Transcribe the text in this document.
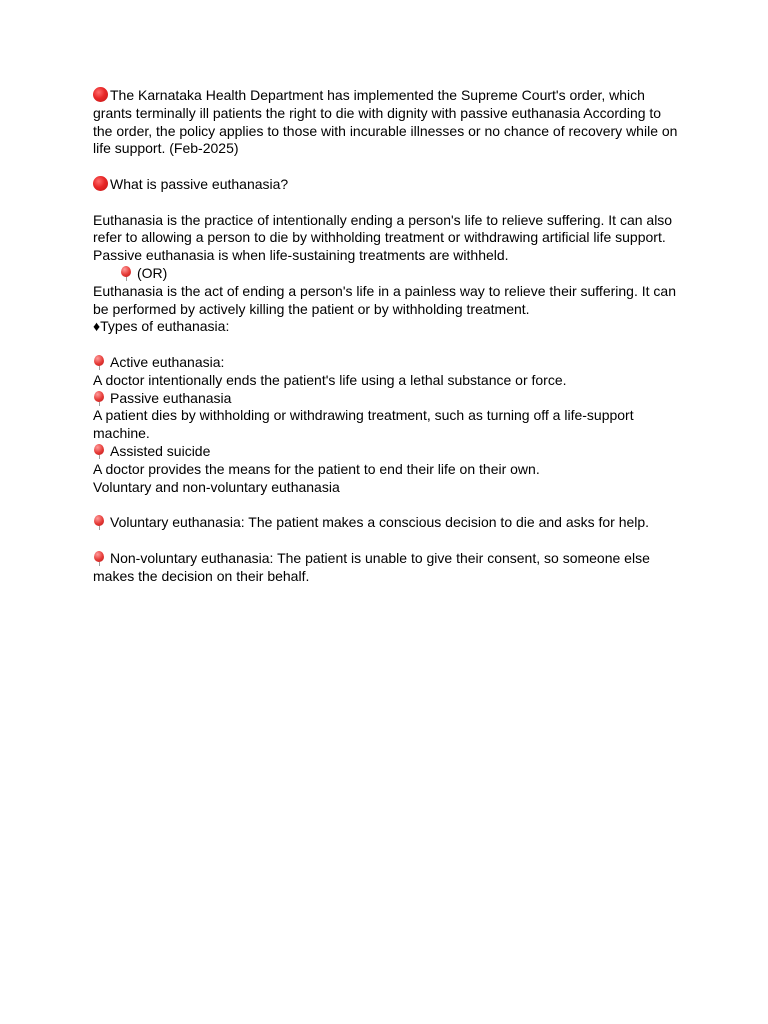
The Karnataka Health Department has implemented the Supreme Court's order, which grants terminally ill patients the right to die with dignity with passive euthanasia According to the order, the policy applies to those with incurable illnesses or no chance of recovery while on life support. (Feb-2025)

What is passive euthanasia?

Euthanasia is the practice of intentionally ending a person's life to relieve suffering. It can also refer to allowing a person to die by withholding treatment or withdrawing artificial life support. Passive euthanasia is when life-sustaining treatments are withheld.

(OR)

Euthanasia is the act of ending a person's life in a painless way to relieve their suffering. It can be performed by actively killing the patient or by withholding treatment.

♦Types of euthanasia:

Active euthanasia:

A doctor intentionally ends the patient's life using a lethal substance or force.

Passive euthanasia

A patient dies by withholding or withdrawing treatment, such as turning off a life-support machine.

Assisted suicide

A doctor provides the means for the patient to end their life on their own.

Voluntary and non-voluntary euthanasia

Voluntary euthanasia: The patient makes a conscious decision to die and asks for help.

Non-voluntary euthanasia: The patient is unable to give their consent, so someone else makes the decision on their behalf.
